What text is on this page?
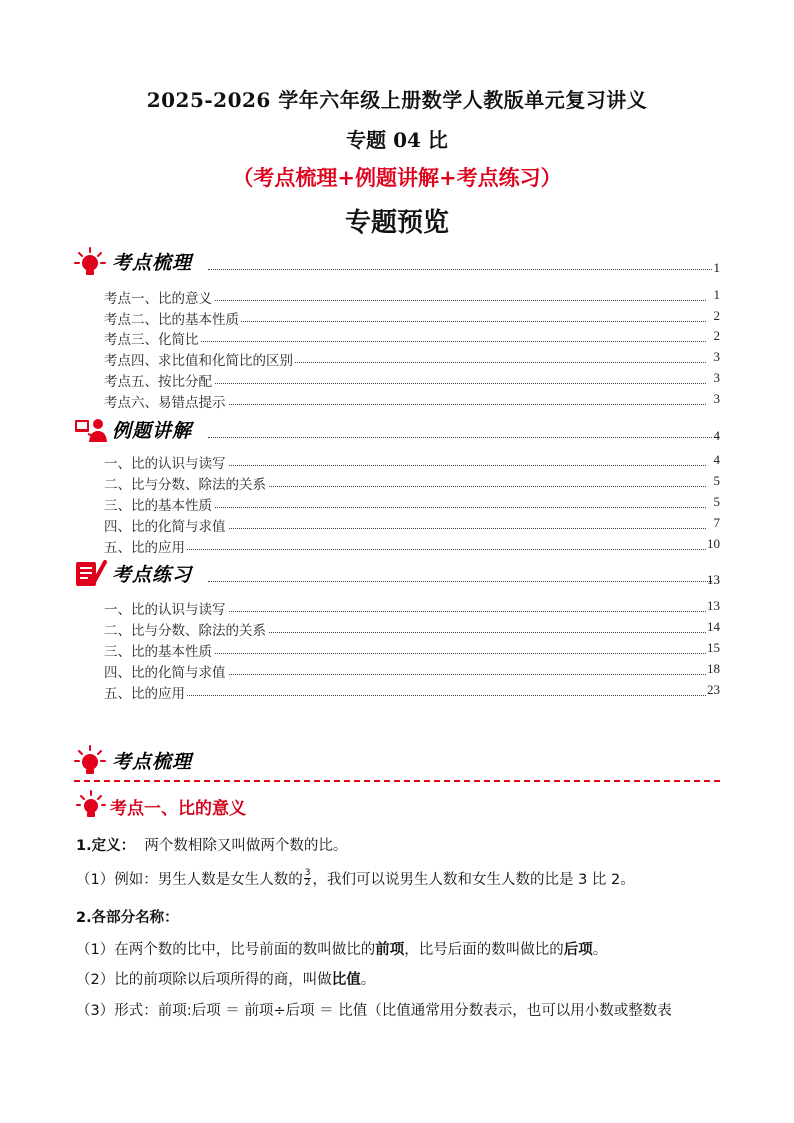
2025-2026 学年六年级上册数学人教版单元复习讲义
专题 04 比
（考点梳理+例题讲解+考点练习）
专题预览
考点梳理	1
考点一、比的意义	1
考点二、比的基本性质	2
考点三、化简比	2
考点四、求比值和化简比的区别	3
考点五、按比分配	3
考点六、易错点提示	3
例题讲解	4
一、比的认识与读写	4
二、比与分数、除法的关系	5
三、比的基本性质	5
四、比的化简与求值	7
五、比的应用	10
考点练习	13
一、比的认识与读写	13
二、比与分数、除法的关系	14
三、比的基本性质	15
四、比的化简与求值	18
五、比的应用	23
考点梳理
考点一、比的意义
1.定义： 两个数相除又叫做两个数的比。
（1）例如：男生人数是女生人数的 $\frac{3}{2}$ ，我们可以说男生人数和女生人数的比是 3 比 2。
2.各部分名称：
（1）在两个数的比中，比号前面的数叫做比的前项，比号后面的数叫做比的后项。
（2）比的前项除以后项所得的商，叫做比值。
（3）形式：前项:后项 ＝ 前项÷后项 ＝ 比值（比值通常用分数表示，也可以用小数或整数表
